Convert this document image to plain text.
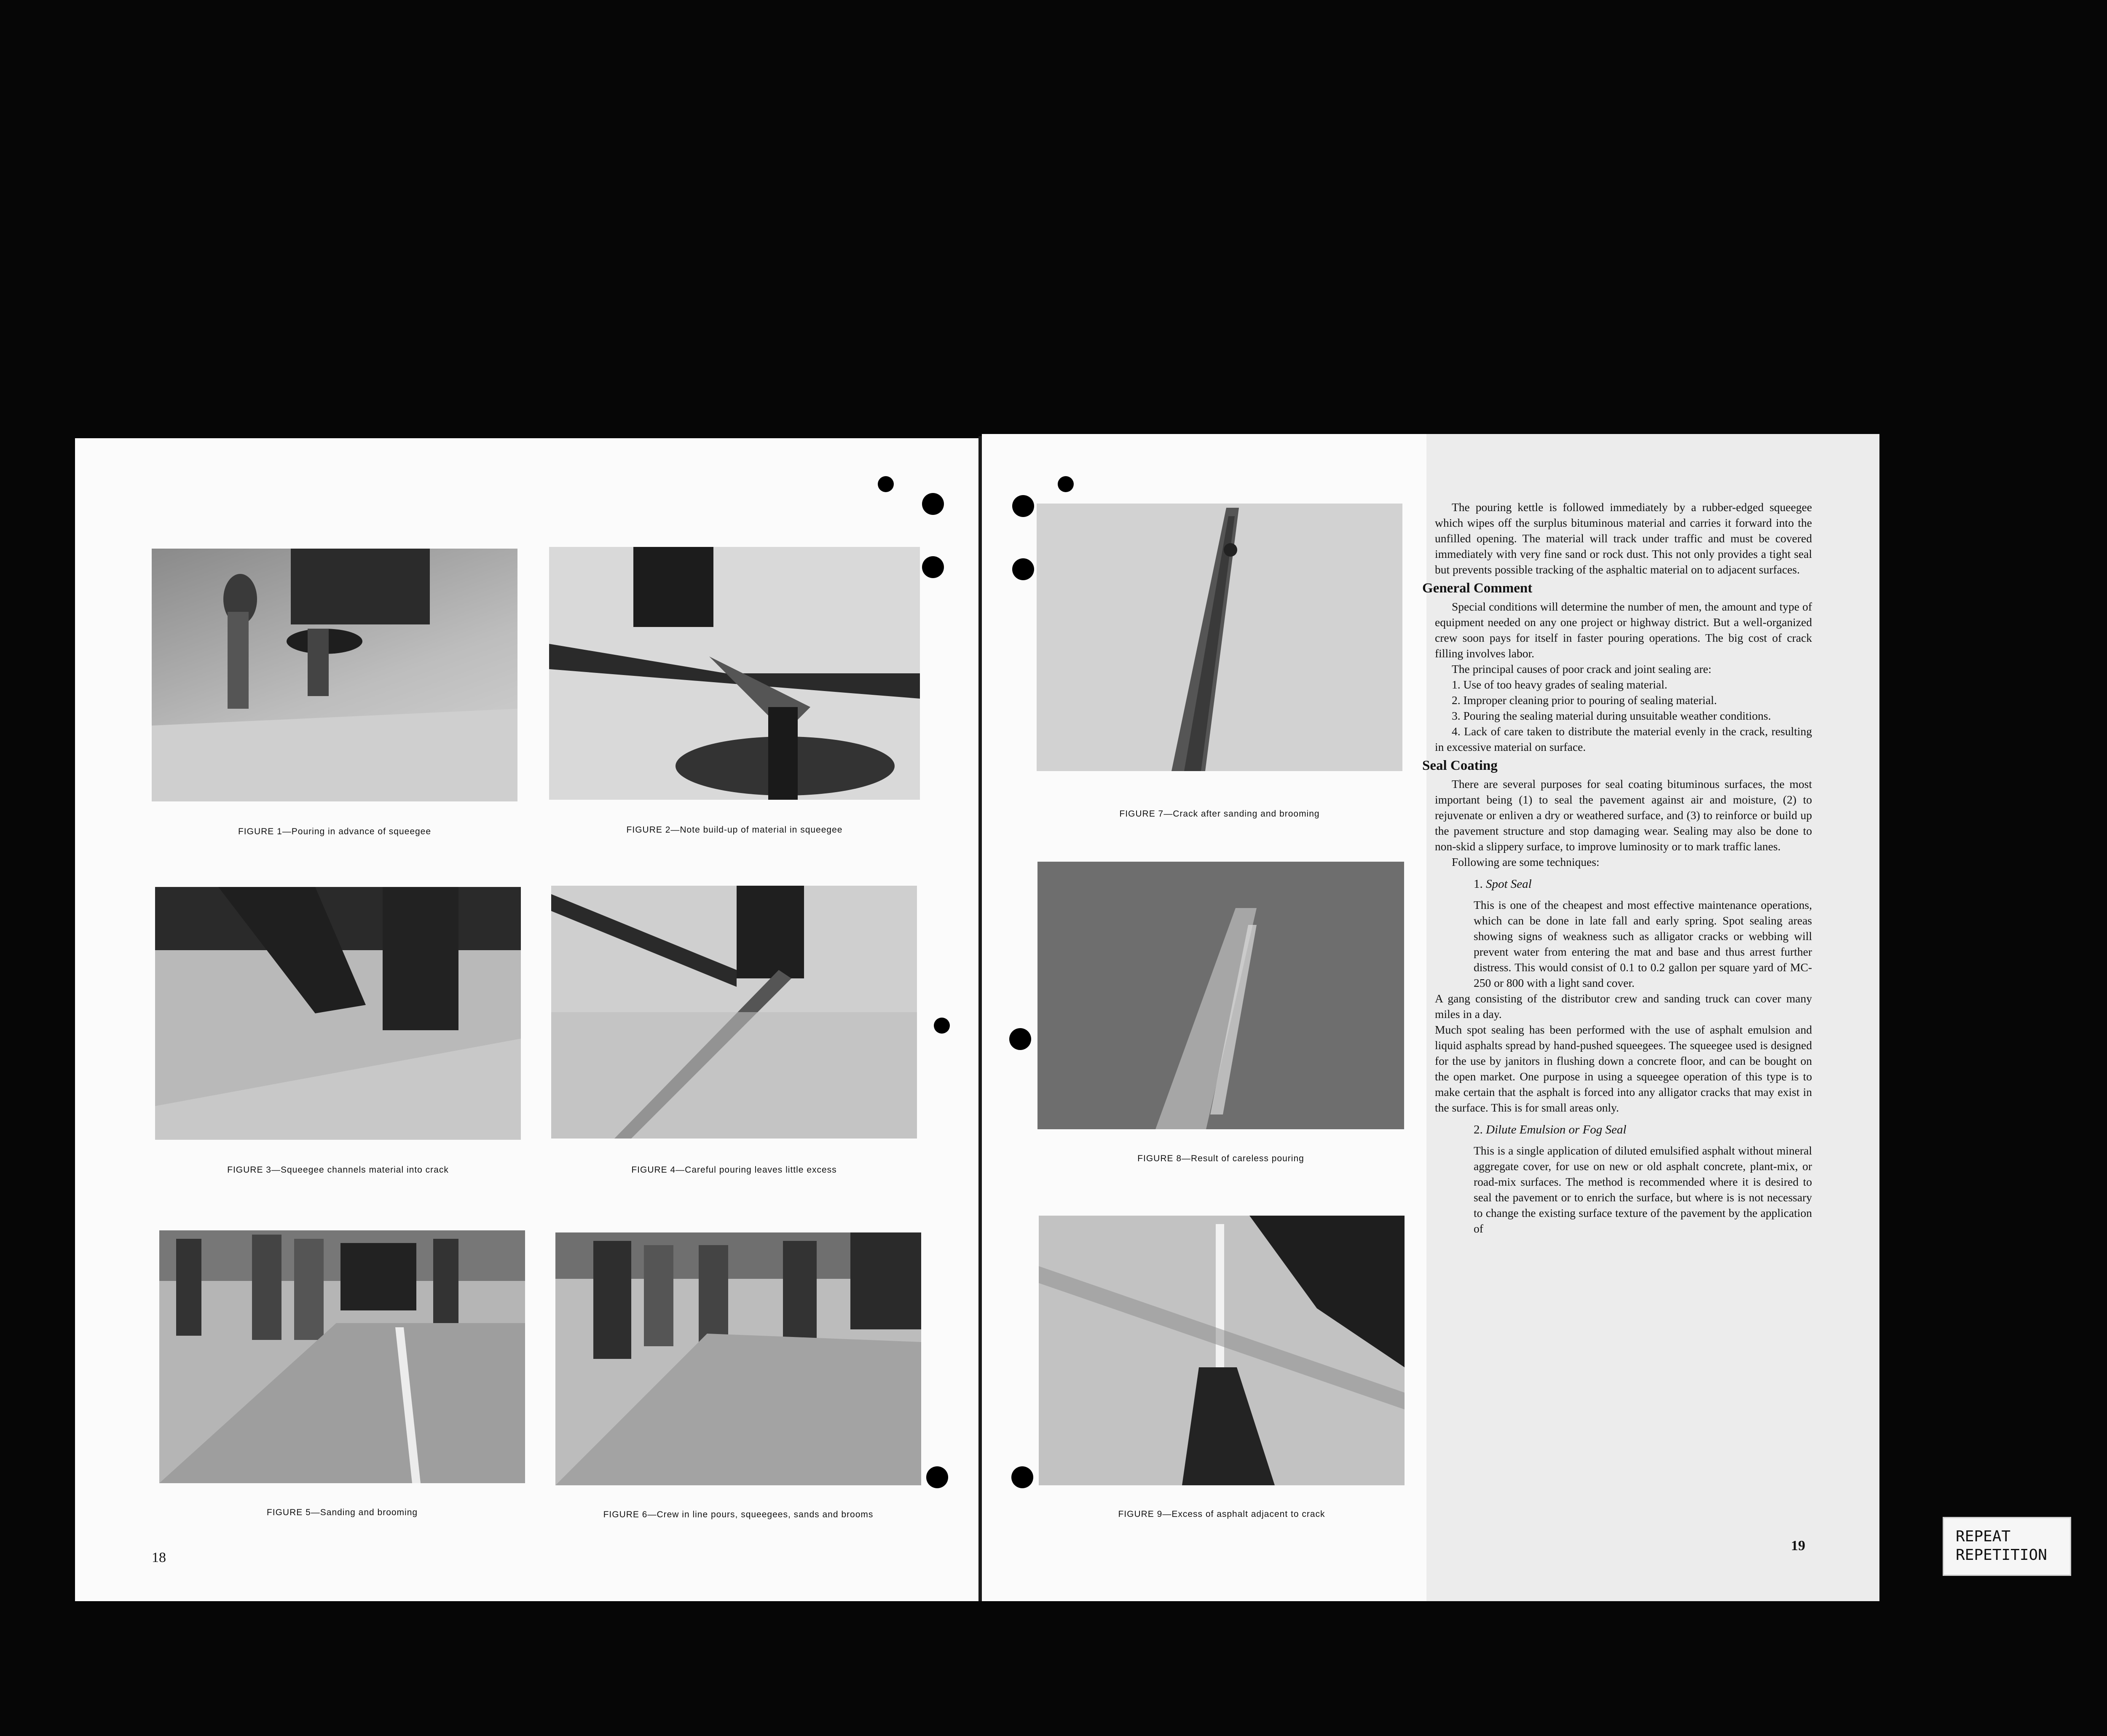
REPEAT
REPETITION
FIGURE 1—Pouring in advance of squeegee	FIGURE 2—Note build-up of material in squeegee
FIGURE 3—Squeegee channels material into crack	FIGURE 4—Careful pouring leaves little excess
FIGURE 5—Sanding and brooming	FIGURE 6—Crew in line pours, squeegees, sands and brooms
18
FIGURE 7—Crack after sanding and brooming
FIGURE 8—Result of careless pouring
FIGURE 9—Excess of asphalt adjacent to crack

The pouring kettle is followed immediately by a rubber-edged squeegee which wipes off the surplus bituminous material and carries it forward into the unfilled opening. The material will track under traffic and must be covered immediately with very fine sand or rock dust. This not only provides a tight seal but prevents possible tracking of the asphaltic material on to adjacent surfaces.

General Comment

Special conditions will determine the number of men, the amount and type of equipment needed on any one project or highway district. But a well-organized crew soon pays for itself in faster pouring operations. The big cost of crack filling involves labor.

The principal causes of poor crack and joint sealing are:

1. Use of too heavy grades of sealing material.

2. Improper cleaning prior to pouring of sealing material.

3. Pouring the sealing material during unsuitable weather conditions.

4. Lack of care taken to distribute the material evenly in the crack, resulting in excessive material on surface.

Seal Coating

There are several purposes for seal coating bituminous surfaces, the most important being (1) to seal the pavement against air and moisture, (2) to rejuvenate or enliven a dry or weathered surface, and (3) to reinforce or build up the pavement structure and stop damaging wear. Sealing may also be done to non-skid a slippery surface, to improve luminosity or to mark traffic lanes.

Following are some techniques:

1. Spot Seal

This is one of the cheapest and most effective maintenance operations, which can be done in late fall and early spring. Spot sealing areas showing signs of weakness such as alligator cracks or webbing will prevent water from entering the mat and base and thus arrest further distress. This would consist of 0.1 to 0.2 gallon per square yard of MC-250 or 800 with a light sand cover.

A gang consisting of the distributor crew and sanding truck can cover many miles in a day.

Much spot sealing has been performed with the use of asphalt emulsion and liquid asphalts spread by hand-pushed squeegees. The squeegee used is designed for the use by janitors in flushing down a concrete floor, and can be bought on the open market. One purpose in using a squeegee operation of this type is to make certain that the asphalt is forced into any alligator cracks that may exist in the surface. This is for small areas only.

2. Dilute Emulsion or Fog Seal

This is a single application of diluted emulsified asphalt without mineral aggregate cover, for use on new or old asphalt concrete, plant-mix, or road-mix surfaces. The method is recommended where it is desired to seal the pavement or to enrich the surface, but where is is not necessary to change the existing surface texture of the pavement by the application of

19
